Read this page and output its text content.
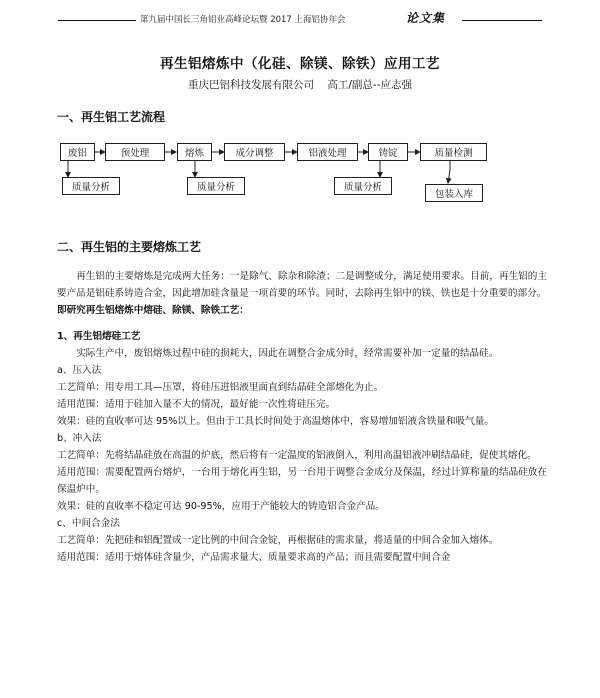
第九届中国长三角铝业高峰论坛暨 2017 上海铝协年会	论文集
再生铝熔炼中（化硅、除镁、除铁）应用工艺
重庆巴铝科技发展有限公司    高工/副总--应志强
一、再生铝工艺流程
废铝	预处理	熔炼	成分调整	铝液处理	铸锭	质量检测
质量分析	质量分析	质量分析
包装入库
二、再生铝的主要熔炼工艺

再生铝的主要熔炼是完成两大任务：一是除气、除杂和除渣；二是调整成分，满足使用要求。目前，再生铝的主要产品是铝硅系铸造合金，因此增加硅含量是一项首要的环节。同时，去除再生铝中的镁、铁也是十分重要的部分。

即研究再生铝熔炼中熔硅、除镁、除铁工艺：

1、再生铝熔硅工艺

实际生产中，废铝熔炼过程中硅的损耗大，因此在调整合金成分时，经常需要补加一定量的结晶硅。

a、压入法

工艺简单：用专用工具—压罩，将硅压进铝液里面直到结晶硅全部熔化为止。

适用范围：适用于硅加入量不大的情况，最好能一次性将硅压完。

效果：硅的直收率可达 95%以上。但由于工具长时间处于高温熔体中，容易增加铝液含铁量和吸气量。

b、冲入法

工艺简单：先将结晶硅放在高温的炉底，然后将有一定温度的铝液倒入，利用高温铝液冲刷结晶硅，促使其熔化。

适用范围：需要配置两台熔炉，一台用于熔化再生铝，另一台用于调整合金成分及保温，经过计算称量的结晶硅放在保温炉中。

效果：硅的直收率不稳定可达 90-95%，应用于产能较大的铸造铝合金产品。

c、中间合金法

工艺简单：先把硅和铝配置成一定比例的中间合金锭，再根据硅的需求量，将适量的中间合金加入熔体。

适用范围：适用于熔体硅含量少，产品需求量大、质量要求高的产品；而且需要配置中间合金
